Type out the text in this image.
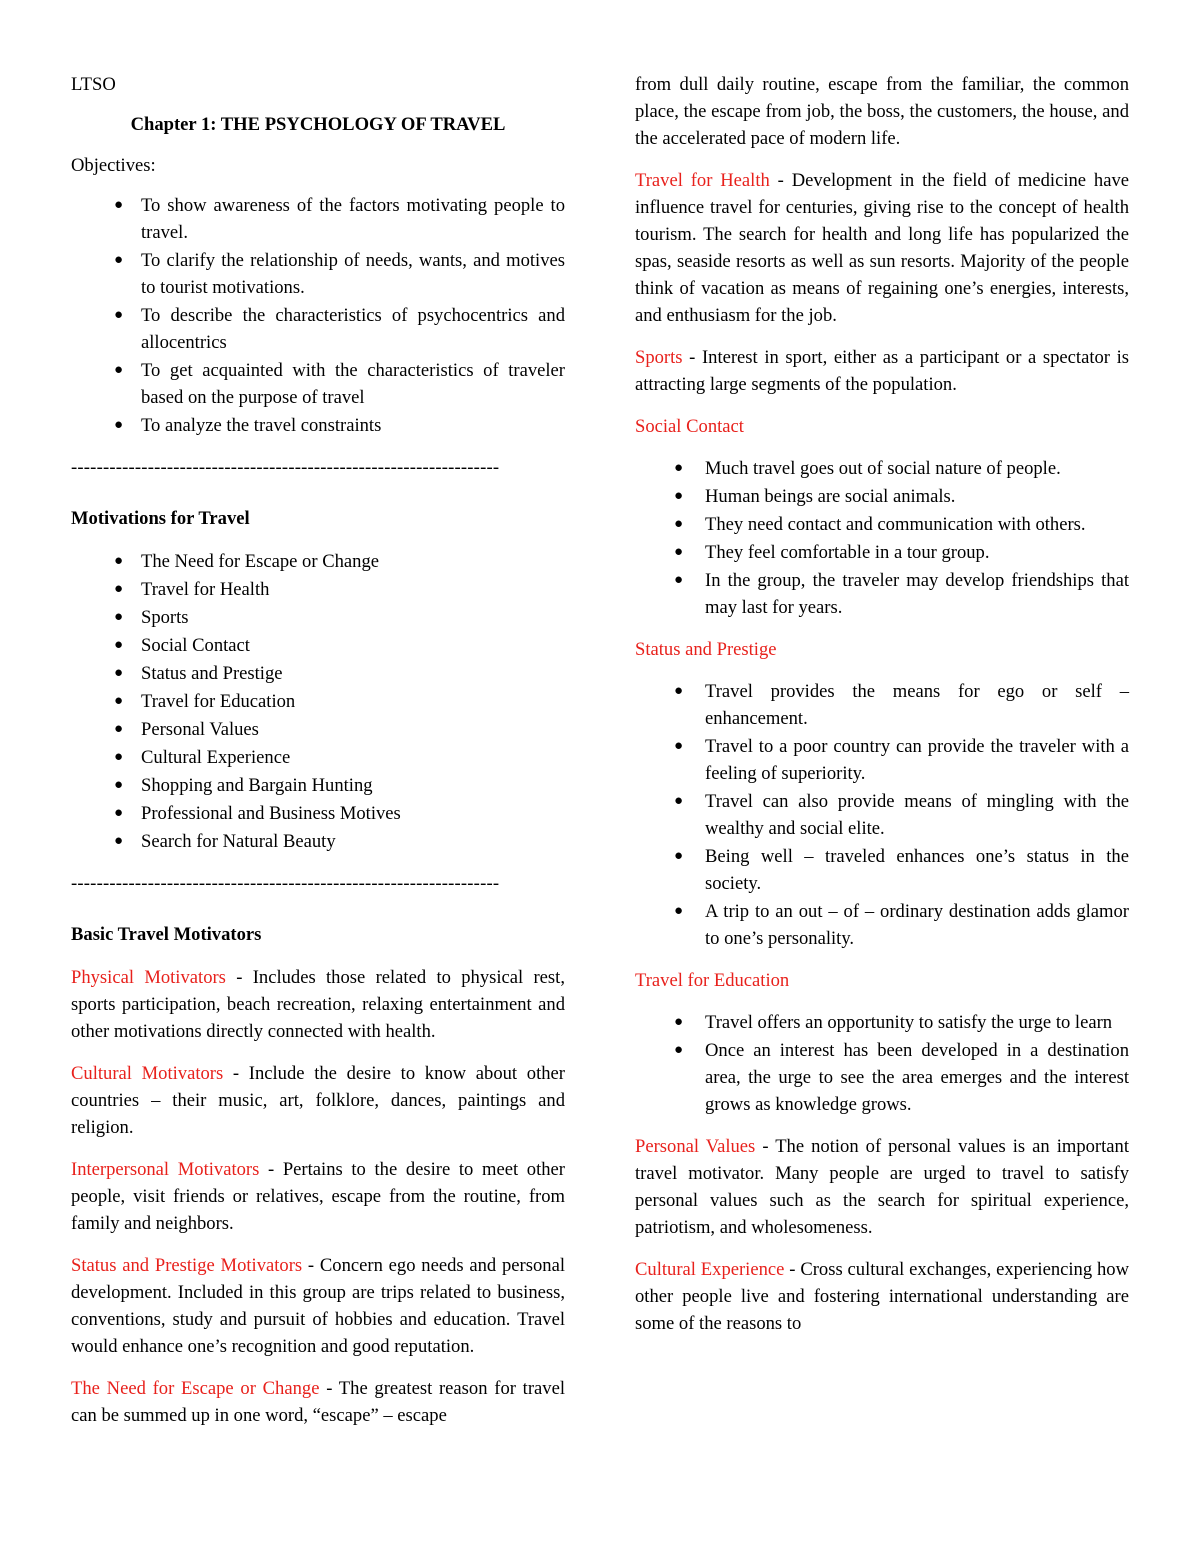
LTSO

Chapter 1: THE PSYCHOLOGY OF TRAVEL

Objectives:

● To show awareness of the factors motivating people to travel.
● To clarify the relationship of needs, wants, and motives to tourist motivations.
● To describe the characteristics of psychocentrics and allocentrics
● To get acquainted with the characteristics of traveler based on the purpose of travel
● To analyze the travel constraints

-------------------------------------------------------------------

Motivations for Travel

● The Need for Escape or Change
● Travel for Health
● Sports
● Social Contact
● Status and Prestige
● Travel for Education
● Personal Values
● Cultural Experience
● Shopping and Bargain Hunting
● Professional and Business Motives
● Search for Natural Beauty

-------------------------------------------------------------------

Basic Travel Motivators

Physical Motivators - Includes those related to physical rest, sports participation, beach recreation, relaxing entertainment and other motivations directly connected with health.

Cultural Motivators - Include the desire to know about other countries – their music, art, folklore, dances, paintings and religion.

Interpersonal Motivators - Pertains to the desire to meet other people, visit friends or relatives, escape from the routine, from family and neighbors.

Status and Prestige Motivators - Concern ego needs and personal development. Included in this group are trips related to business, conventions, study and pursuit of hobbies and education. Travel would enhance one’s recognition and good reputation.

The Need for Escape or Change - The greatest reason for travel can be summed up in one word, “escape” – escape

from dull daily routine, escape from the familiar, the common place, the escape from job, the boss, the customers, the house, and the accelerated pace of modern life.

Travel for Health - Development in the field of medicine have influence travel for centuries, giving rise to the concept of health tourism. The search for health and long life has popularized the spas, seaside resorts as well as sun resorts. Majority of the people think of vacation as means of regaining one’s energies, interests, and enthusiasm for the job.

Sports - Interest in sport, either as a participant or a spectator is attracting large segments of the population.

Social Contact

● Much travel goes out of social nature of people.
● Human beings are social animals.
● They need contact and communication with others.
● They feel comfortable in a tour group.
● In the group, the traveler may develop friendships that may last for years.

Status and Prestige

● Travel provides the means for ego or self – enhancement.
● Travel to a poor country can provide the traveler with a feeling of superiority.
● Travel can also provide means of mingling with the wealthy and social elite.
● Being well – traveled enhances one’s status in the society.
● A trip to an out – of – ordinary destination adds glamor to one’s personality.

Travel for Education

● Travel offers an opportunity to satisfy the urge to learn
● Once an interest has been developed in a destination area, the urge to see the area emerges and the interest grows as knowledge grows.

Personal Values - The notion of personal values is an important travel motivator. Many people are urged to travel to satisfy personal values such as the search for spiritual experience, patriotism, and wholesomeness.

Cultural Experience - Cross cultural exchanges, experiencing how other people live and fostering international understanding are some of the reasons to
